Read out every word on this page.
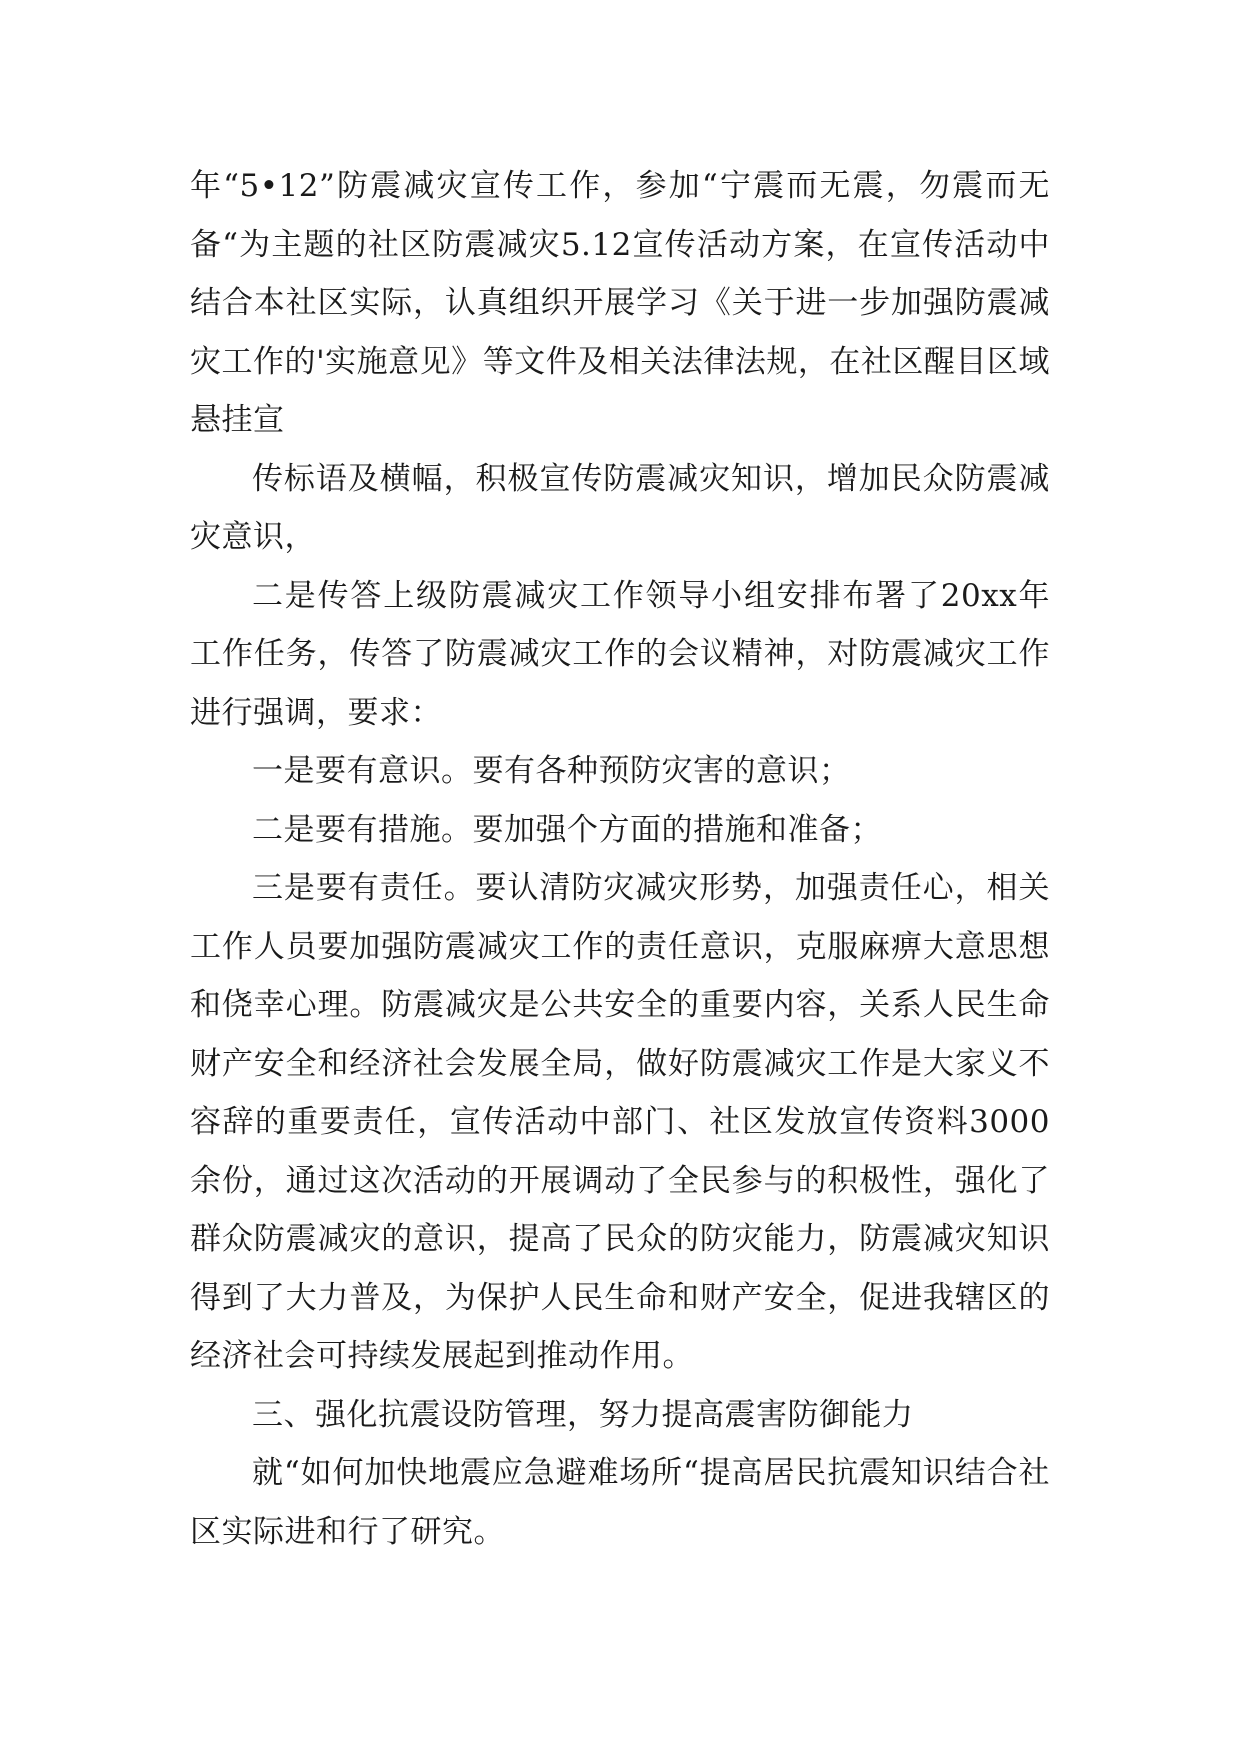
年“5•12”防震减灾宣传工作，参加“宁震而无震，勿震而无备“为主题的社区防震减灾5.12宣传活动方案，在宣传活动中结合本社区实际，认真组织开展学习《关于进一步加强防震减灾工作的'实施意见》等文件及相关法律法规，在社区醒目区域悬挂宣

传标语及横幅，积极宣传防震减灾知识，增加民众防震减灾意识，

二是传答上级防震减灾工作领导小组安排布署了20xx年工作任务，传答了防震减灾工作的会议精神，对防震减灾工作进行强调，要求：

一是要有意识。要有各种预防灾害的意识；

二是要有措施。要加强个方面的措施和准备；

三是要有责任。要认清防灾减灾形势，加强责任心，相关工作人员要加强防震减灾工作的责任意识，克服麻痹大意思想和侥幸心理。防震减灾是公共安全的重要内容，关系人民生命财产安全和经济社会发展全局，做好防震减灾工作是大家义不容辞的重要责任，宣传活动中部门、社区发放宣传资料3000余份，通过这次活动的开展调动了全民参与的积极性，强化了群众防震减灾的意识，提高了民众的防灾能力，防震减灾知识得到了大力普及，为保护人民生命和财产安全，促进我辖区的经济社会可持续发展起到推动作用。

三、强化抗震设防管理，努力提高震害防御能力

就“如何加快地震应急避难场所“提高居民抗震知识结合社区实际进和行了研究。
